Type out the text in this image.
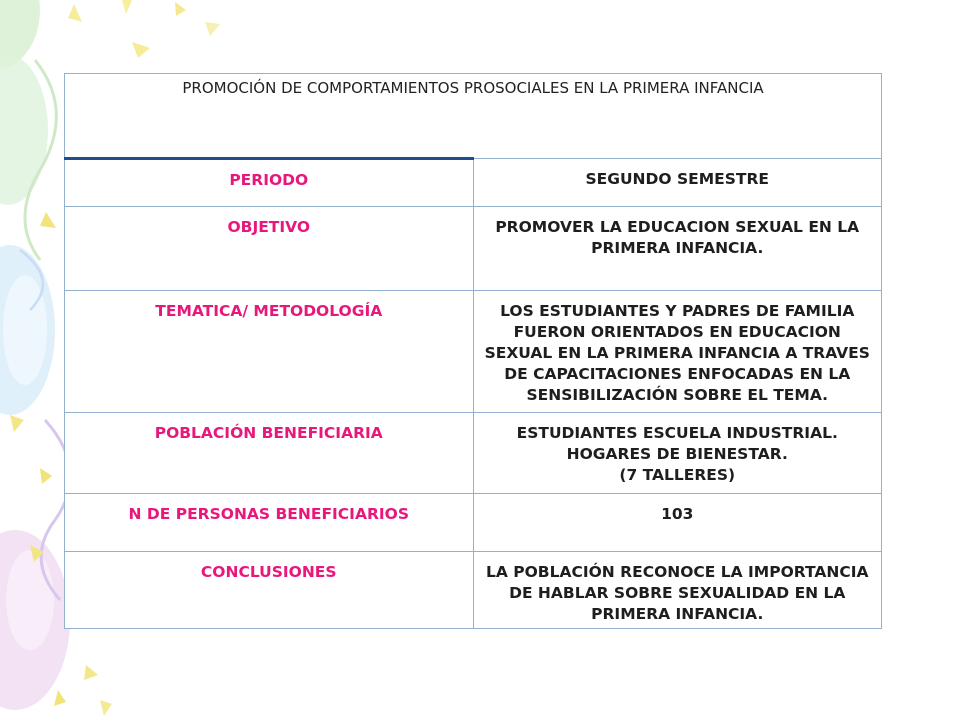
PROMOCIÓN DE COMPORTAMIENTOS PROSOCIALES EN LA PRIMERA INFANCIA	
PERIODO	SEGUNDO SEMESTRE

OBJETIVO	PROMOVER LA EDUCACION SEXUAL EN LA PRIMERA INFANCIA.

TEMATICA/ METODOLOGÍA	LOS ESTUDIANTES Y PADRES DE FAMILIA FUERON ORIENTADOS EN EDUCACION SEXUAL EN LA PRIMERA INFANCIA A TRAVES DE CAPACITACIONES ENFOCADAS EN LA SENSIBILIZACIÓN SOBRE EL TEMA.

POBLACIÓN BENEFICIARIA	ESTUDIANTES ESCUELA INDUSTRIAL.
HOGARES DE BIENESTAR.
(7 TALLERES)

N DE PERSONAS BENEFICIARIOS	103

CONCLUSIONES	LA POBLACIÓN RECONOCE LA IMPORTANCIA DE HABLAR SOBRE SEXUALIDAD EN LA PRIMERA INFANCIA.
